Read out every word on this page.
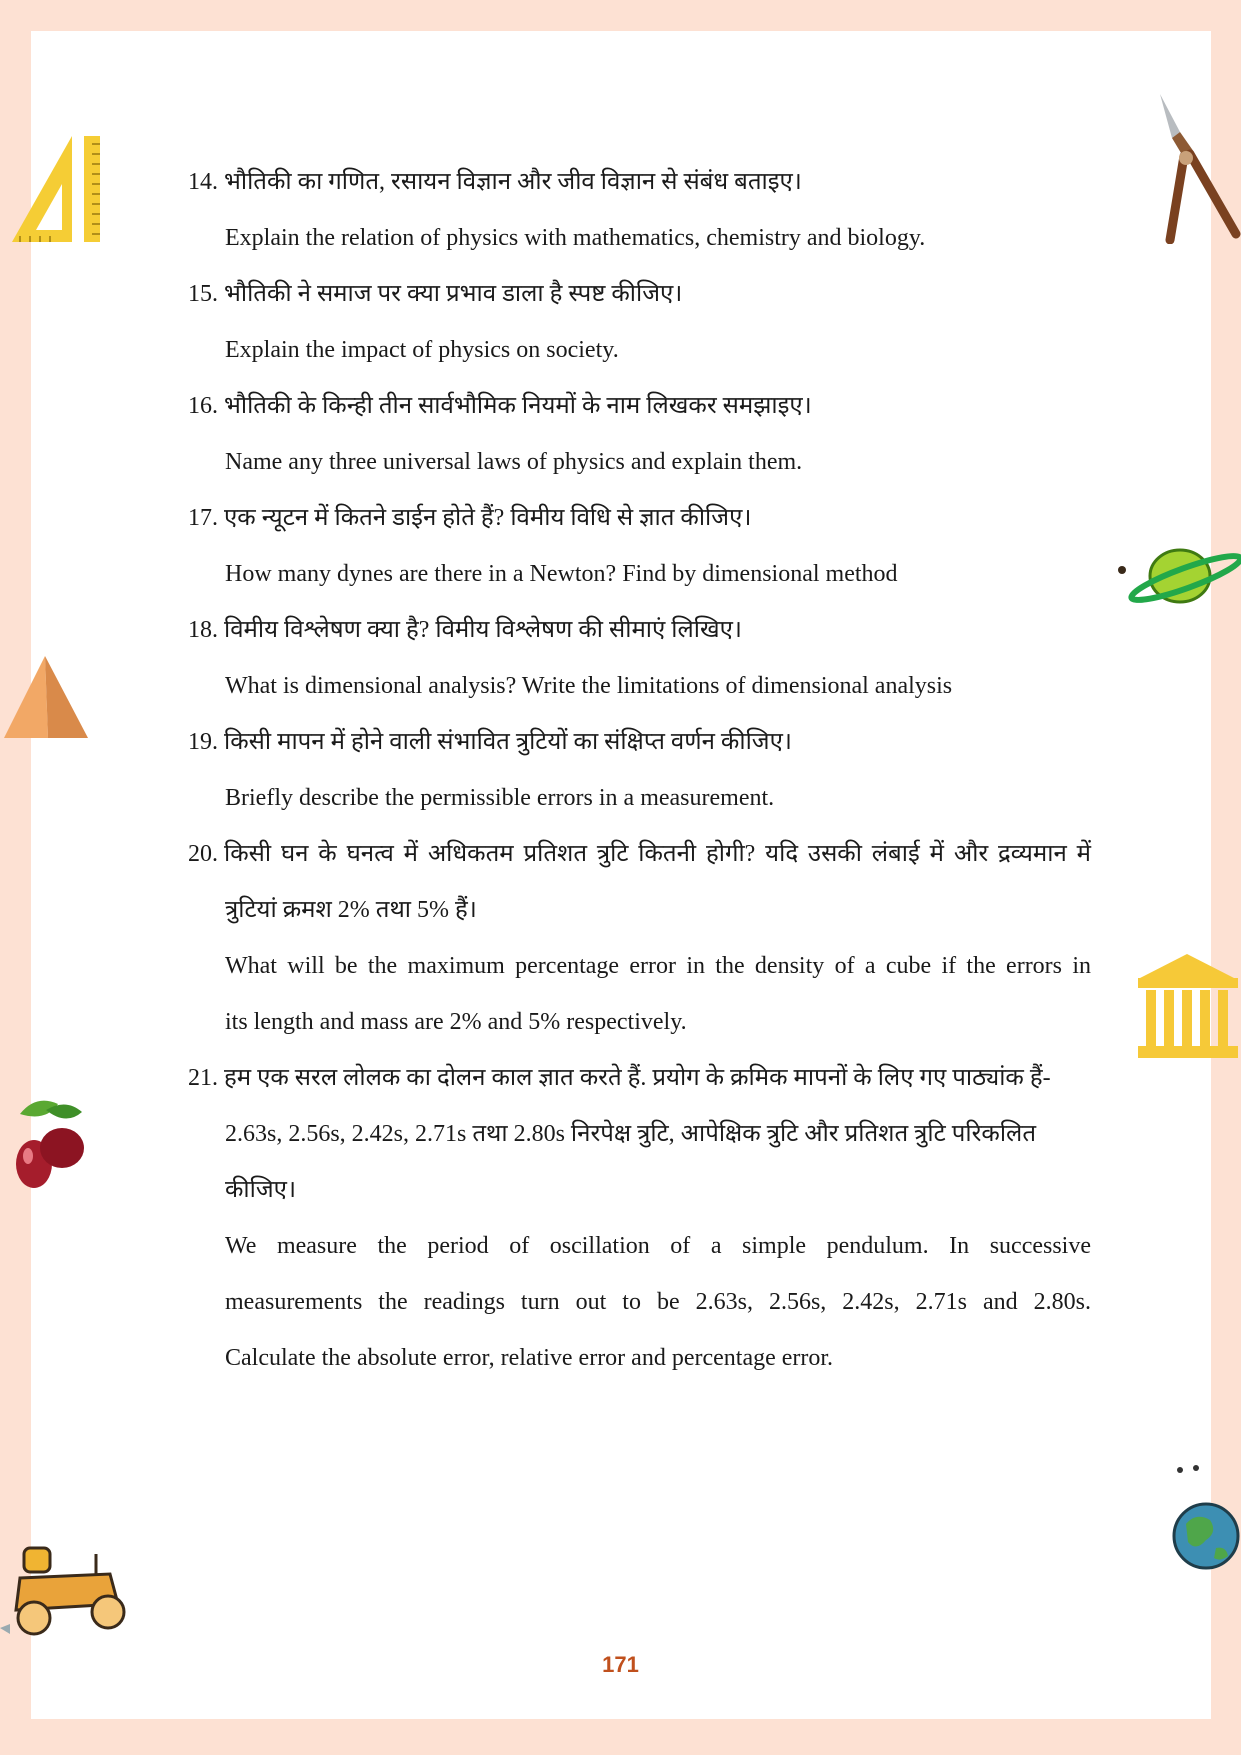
14. भौतिकी का गणित, रसायन विज्ञान और जीव विज्ञान से संबंध बताइए।
Explain the relation of physics with mathematics, chemistry and biology.
15. भौतिकी ने समाज पर क्या प्रभाव डाला है स्पष्ट कीजिए।
Explain the impact of physics on society.
16. भौतिकी के किन्ही तीन सार्वभौमिक नियमों के नाम लिखकर समझाइए।
Name any three universal laws of physics and explain them.
17. एक न्यूटन में कितने डाईन होते हैं? विमीय विधि से ज्ञात कीजिए।
How many dynes are there in a Newton? Find by dimensional method
18. विमीय विश्लेषण क्या है? विमीय विश्लेषण की सीमाएं लिखिए।
What is dimensional analysis? Write the limitations of dimensional analysis
19. किसी मापन में होने वाली संभावित त्रुटियों का संक्षिप्त वर्णन कीजिए।
Briefly describe the permissible errors in a measurement.
20. किसी घन के घनत्व में अधिकतम प्रतिशत त्रुटि कितनी होगी? यदि उसकी लंबाई में और द्रव्यमान में
त्रुटियां क्रमश 2% तथा 5% हैं।
What will be the maximum percentage error in the density of a cube if the errors in
its length and mass are 2% and 5% respectively.
21. हम एक सरल लोलक का दोलन काल ज्ञात करते हैं. प्रयोग के क्रमिक मापनों के लिए गए पाठ्यांक हैं-
2.63s, 2.56s, 2.42s, 2.71s तथा 2.80s निरपेक्ष त्रुटि, आपेक्षिक त्रुटि और प्रतिशत त्रुटि परिकलित
कीजिए।
We measure the period of oscillation of a simple pendulum. In successive
measurements the readings turn out to be 2.63s, 2.56s, 2.42s, 2.71s and 2.80s.
Calculate the absolute error, relative error and percentage error.
171
